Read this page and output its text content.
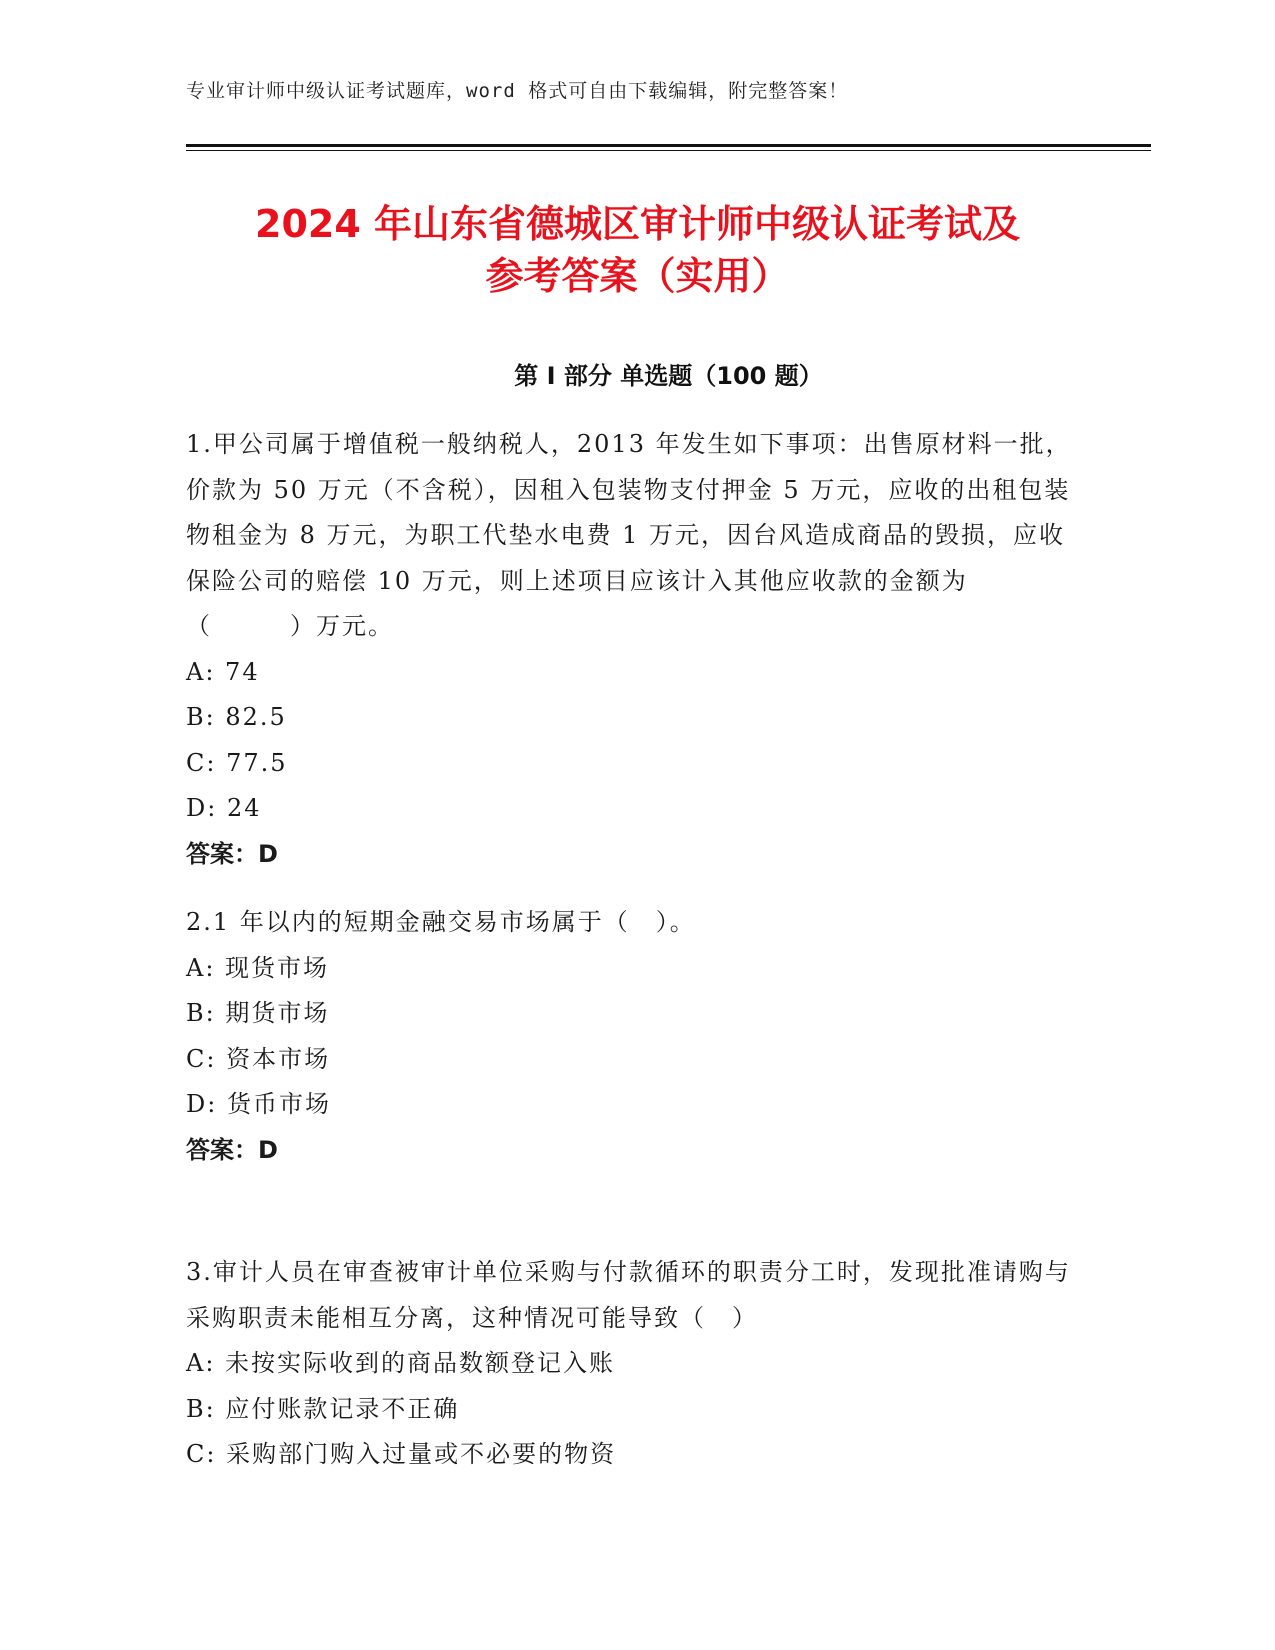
专业审计师中级认证考试题库，word 格式可自由下载编辑，附完整答案！
2024 年山东省德城区审计师中级认证考试及
参考答案（实用）
第 I 部分 单选题（100 题）

1.甲公司属于增值税一般纳税人，2013 年发生如下事项：出售原材料一批，价款为 50 万元（不含税），因租入包装物支付押金 5 万元，应收的出租包装物租金为 8 万元，为职工代垫水电费 1 万元，因台风造成商品的毁损，应收保险公司的赔偿 10 万元，则上述项目应该计入其他应收款的金额为（　　　）万元。

A: 74

B: 82.5

C: 77.5

D: 24

答案：D

2.1 年以内的短期金融交易市场属于（　）。

A: 现货市场

B: 期货市场

C: 资本市场

D: 货币市场

答案：D

3.审计人员在审查被审计单位采购与付款循环的职责分工时，发现批准请购与采购职责未能相互分离，这种情况可能导致（　）

A: 未按实际收到的商品数额登记入账

B: 应付账款记录不正确

C: 采购部门购入过量或不必要的物资
